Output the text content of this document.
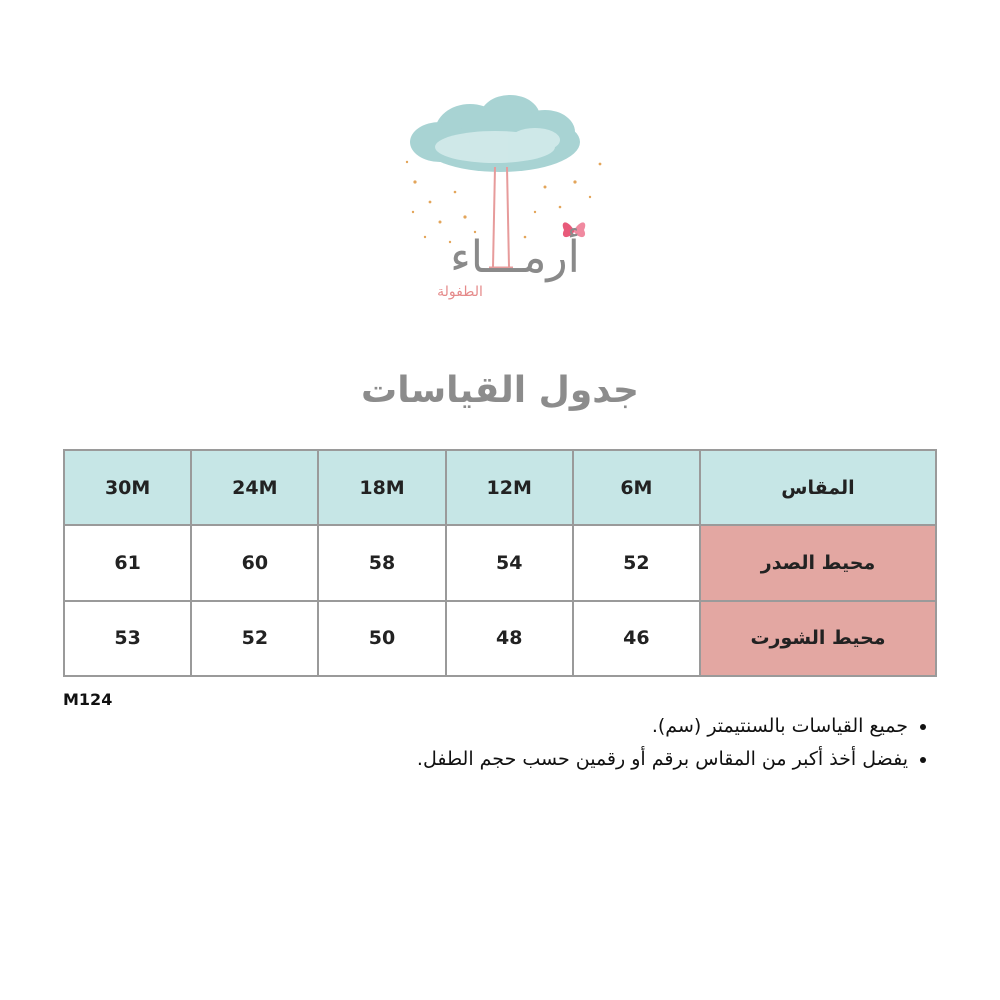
أرمـــاء
الطفولة
جدول القياسات
المقاس	6M	12M	18M	24M	30M
محيط الصدر	52	54	58	60	61
محيط الشورت	46	48	50	52	53
M124
• جميع القياسات بالسنتيمتر (سم).
• يفضل أخذ أكبر من المقاس برقم أو رقمين حسب حجم الطفل.
